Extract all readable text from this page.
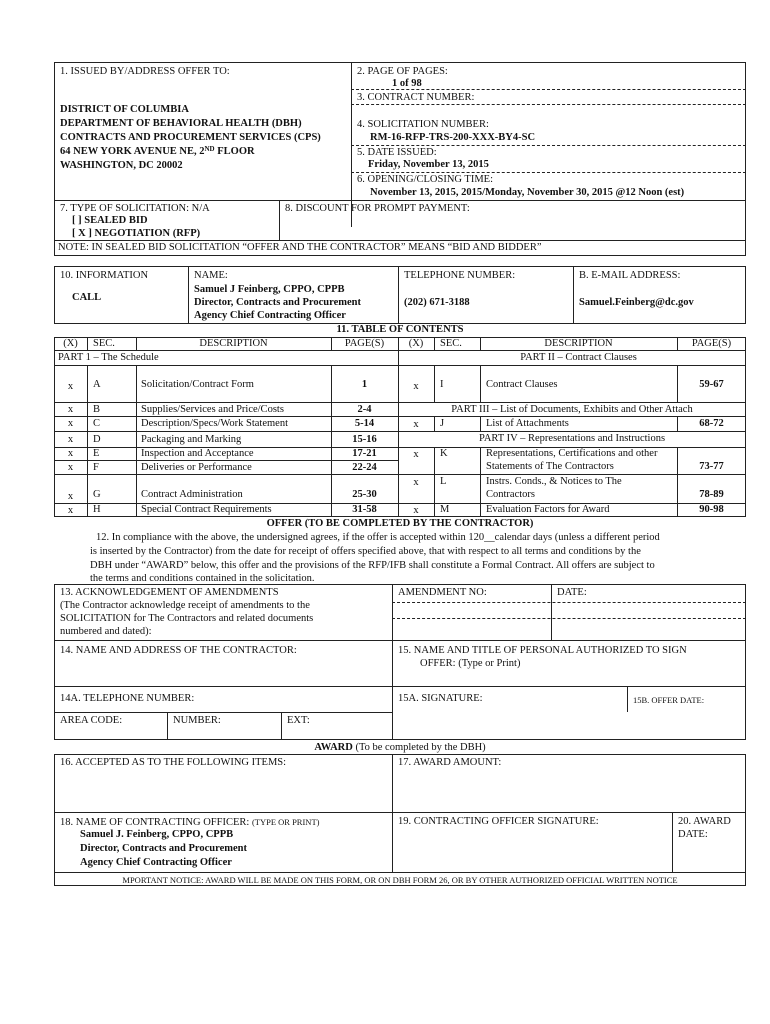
1. ISSUED BY/ADDRESS OFFER TO:
DISTRICT OF COLUMBIA
DEPARTMENT OF BEHAVIORAL HEALTH (DBH)
CONTRACTS AND PROCUREMENT SERVICES (CPS)
64 NEW YORK AVENUE NE, 2ND FLOOR
WASHINGTON, DC 20002
2. PAGE OF PAGES:
1 of 98
3. CONTRACT NUMBER:
4. SOLICITATION NUMBER:
RM-16-RFP-TRS-200-XXX-BY4-SC
5. DATE ISSUED:
Friday, November 13, 2015
6. OPENING/CLOSING TIME:
November 13, 2015, 2015/Monday, November 30, 2015 @12 Noon (est)
7. TYPE OF SOLICITATION: N/A
[ ] SEALED BID
[ X ] NEGOTIATION (RFP)
8. DISCOUNT FOR PROMPT PAYMENT:
NOTE: IN SEALED BID SOLICITATION “OFFER AND THE CONTRACTOR” MEANS “BID AND BIDDER”
10. INFORMATION
CALL
NAME:
Samuel J Feinberg, CPPO, CPPB
Director, Contracts and Procurement
Agency Chief Contracting Officer
TELEPHONE NUMBER:
(202) 671-3188
B. E-MAIL ADDRESS:
Samuel.Feinberg@dc.gov
11. TABLE OF CONTENTS
(X)	SEC.	DESCRIPTION	PAGE(S)	(X)	SEC.	DESCRIPTION	PAGE(S)
PART 1 – The Schedule	PART II – Contract Clauses
PART III – List of Documents, Exhibits and Other Attach
PART IV – Representations and Instructions
x	A	Solicitation/Contract Form	1
x	B	Supplies/Services and Price/Costs	2-4
x	C	Description/Specs/Work Statement	5-14
x	D	Packaging and Marking	15-16
x	E	Inspection and Acceptance	17-21
x	F	Deliveries or Performance	22-24
x	G	Contract Administration	25-30
x	H	Special Contract Requirements	31-58
x	I	Contract Clauses	59-67
x	J	List of Attachments	68-72
x	K	Representations, Certifications and other
Statements of The Contractors	73-77
x	L	Instrs. Conds., & Notices to The
Contractors	78-89
x	M	Evaluation Factors for Award	90-98
OFFER (TO BE COMPLETED BY THE CONTRACTOR)
12. In compliance with the above, the undersigned agrees, if the offer is accepted within 120__calendar days (unless a different period
is inserted by the Contractor) from the date for receipt of offers specified above, that with respect to all terms and conditions by the
DBH under “AWARD” below, this offer and the provisions of the RFP/IFB shall constitute a Formal Contract. All offers are subject to
the terms and conditions contained in the solicitation.
13. ACKNOWLEDGEMENT OF AMENDMENTS
(The Contractor acknowledge receipt of amendments to the
SOLICITATION for The Contractors and related documents
numbered and dated):
AMENDMENT NO:	DATE:
14. NAME AND ADDRESS OF THE CONTRACTOR:	15. NAME AND TITLE OF PERSONAL AUTHORIZED TO SIGN
OFFER: (Type or Print)
14A. TELEPHONE NUMBER:	15A. SIGNATURE:	15B. OFFER DATE:
AREA CODE:	NUMBER:	EXT:
AWARD (To be completed by the DBH)
16. ACCEPTED AS TO THE FOLLOWING ITEMS:	17. AWARD AMOUNT:
18. NAME OF CONTRACTING OFFICER: (TYPE OR PRINT)
Samuel J. Feinberg, CPPO, CPPB
Director, Contracts and Procurement
Agency Chief Contracting Officer
19. CONTRACTING OFFICER SIGNATURE:	20. AWARD
DATE:
MPORTANT NOTICE: AWARD WILL BE MADE ON THIS FORM, OR ON DBH FORM 26, OR BY OTHER AUTHORIZED OFFICIAL WRITTEN NOTICE
